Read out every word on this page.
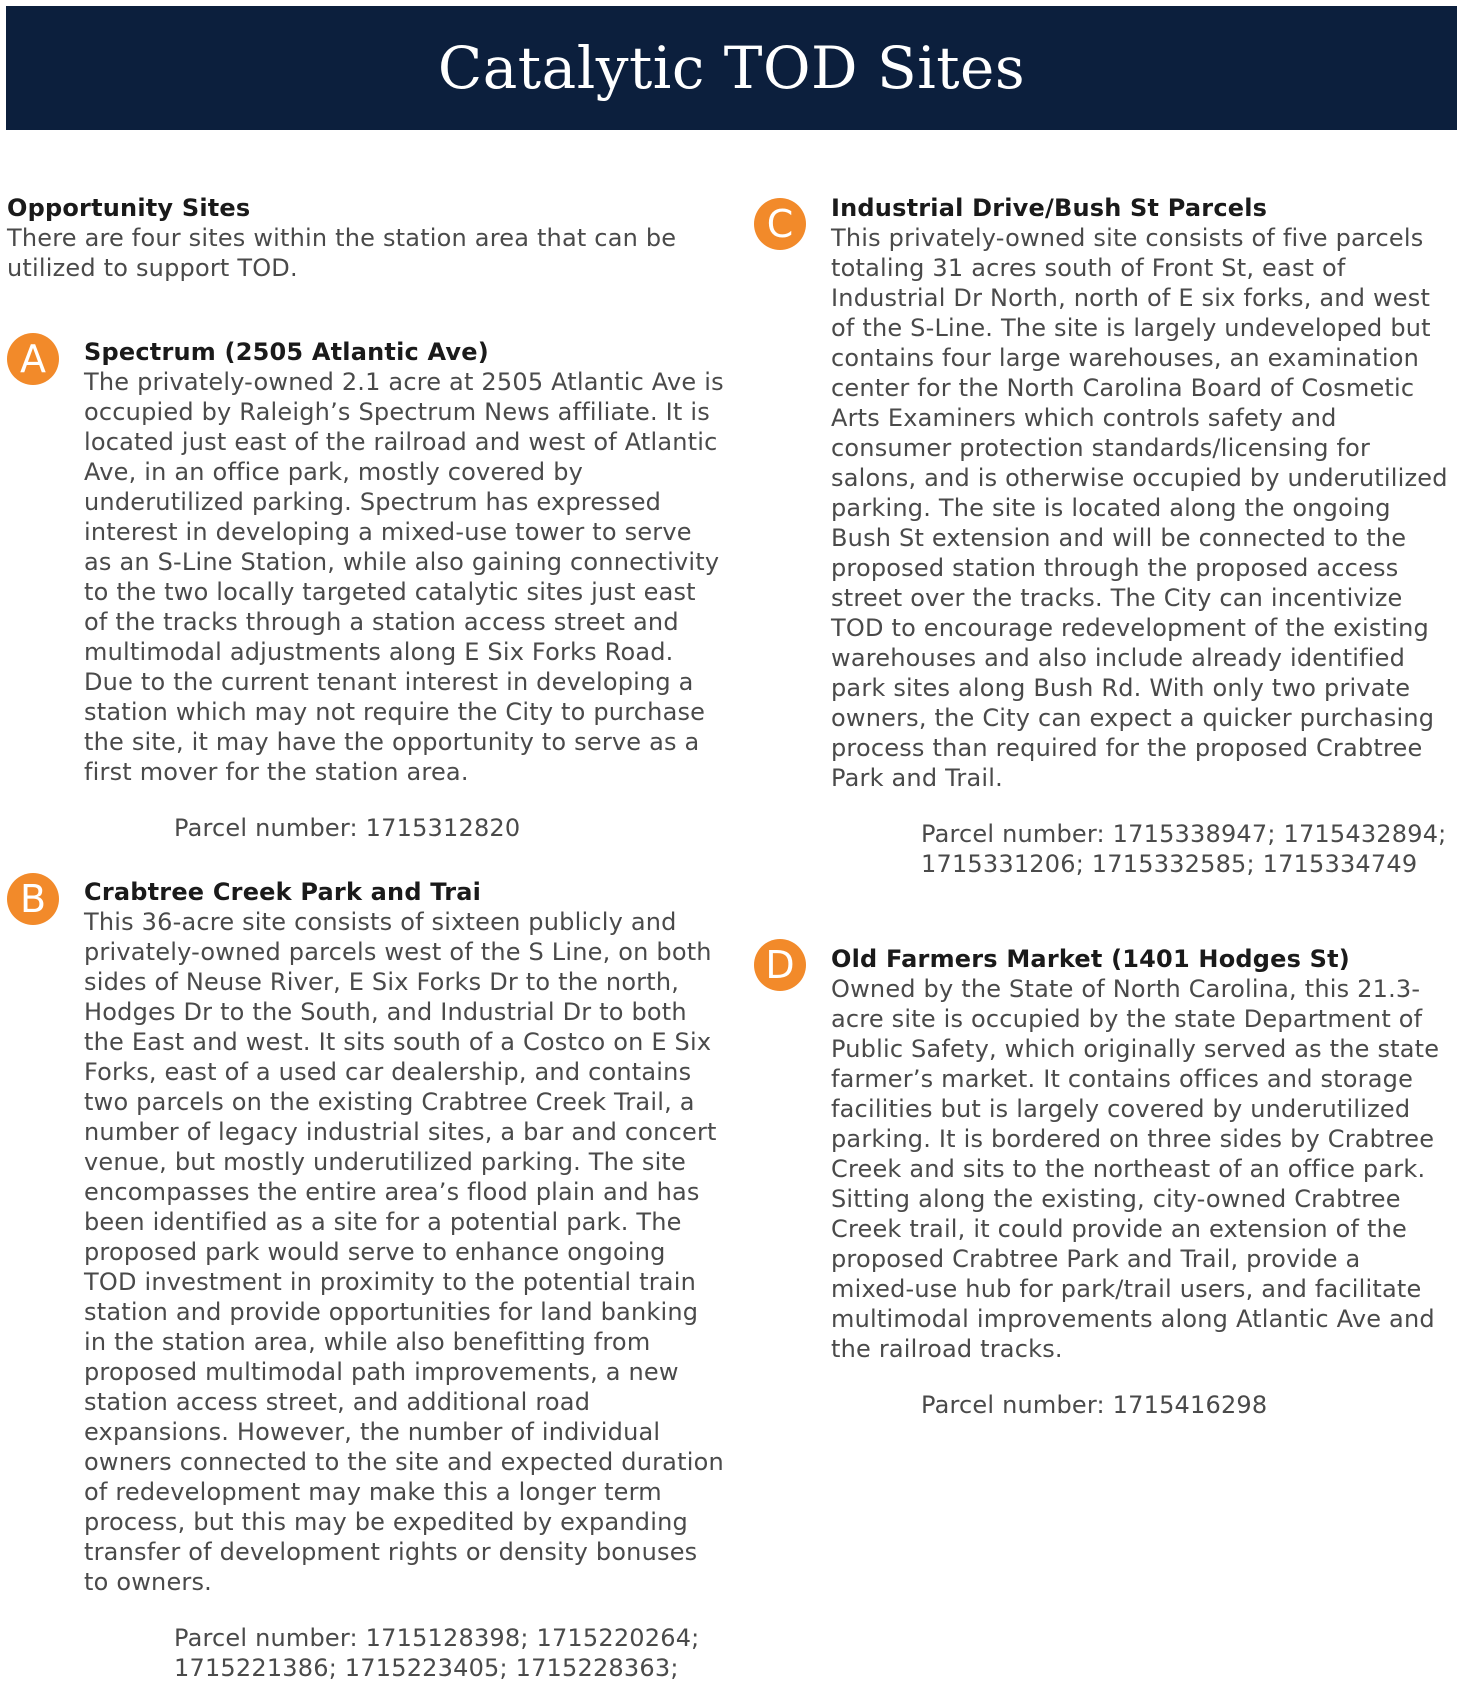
Catalytic TOD Sites

Opportunity Sites

There are four sites within the station area that can be utilized to support TOD.

A	Spectrum (2505 Atlantic Ave)

The privately-owned 2.1 acre at 2505 Atlantic Ave is occupied by Raleigh’s Spectrum News affiliate. It is located just east of the railroad and west of Atlantic Ave, in an office park, mostly covered by underutilized parking. Spectrum has expressed interest in developing a mixed-use tower to serve as an S-Line Station, while also gaining connectivity to the two locally targeted catalytic sites just east of the tracks through a station access street and multimodal adjustments along E Six Forks Road. Due to the current tenant interest in developing a station which may not require the City to purchase the site, it may have the opportunity to serve as a first mover for the station area.

Parcel number: 1715312820

B	Crabtree Creek Park and Trai

This 36-acre site consists of sixteen publicly and privately-owned parcels west of the S Line, on both sides of Neuse River, E Six Forks Dr to the north, Hodges Dr to the South, and Industrial Dr to both the East and west. It sits south of a Costco on E Six Forks, east of a used car dealership, and contains two parcels on the existing Crabtree Creek Trail, a number of legacy industrial sites, a bar and concert venue, but mostly underutilized parking. The site encompasses the entire area’s flood plain and has been identified as a site for a potential park. The proposed park would serve to enhance ongoing TOD investment in proximity to the potential train station and provide opportunities for land banking in the station area, while also benefitting from proposed multimodal path improvements, a new station access street, and additional road expansions. However, the number of individual owners connected to the site and expected duration of redevelopment may make this a longer term process, but this may be expedited by expanding transfer of development rights or density bonuses to owners.

Parcel number: 1715128398; 1715220264; 1715221386; 1715223405; 1715228363;

C	Industrial Drive/Bush St Parcels

This privately-owned site consists of five parcels totaling 31 acres south of Front St, east of Industrial Dr North, north of E six forks, and west of the S-Line. The site is largely undeveloped but contains four large warehouses, an examination center for the North Carolina Board of Cosmetic Arts Examiners which controls safety and consumer protection standards/licensing for salons, and is otherwise occupied by underutilized parking. The site is located along the ongoing Bush St extension and will be connected to the proposed station through the proposed access street over the tracks. The City can incentivize TOD to encourage redevelopment of the existing warehouses and also include already identified park sites along Bush Rd. With only two private owners, the City can expect a quicker purchasing process than required for the proposed Crabtree Park and Trail.

Parcel number: 1715338947; 1715432894; 1715331206; 1715332585; 1715334749

D	Old Farmers Market (1401 Hodges St)

Owned by the State of North Carolina, this 21.3-acre site is occupied by the state Department of Public Safety, which originally served as the state farmer’s market. It contains offices and storage facilities but is largely covered by underutilized parking. It is bordered on three sides by Crabtree Creek and sits to the northeast of an office park. Sitting along the existing, city-owned Crabtree Creek trail, it could provide an extension of the proposed Crabtree Park and Trail, provide a mixed-use hub for park/trail users, and facilitate multimodal improvements along Atlantic Ave and the railroad tracks.

Parcel number: 1715416298
